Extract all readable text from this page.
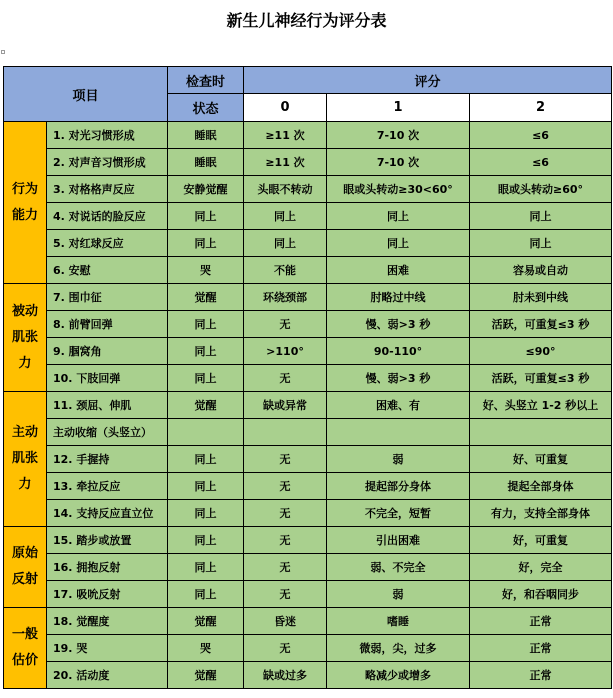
新生儿神经行为评分表
项目		检查时	评分		
		状态	0	1	2
行为能力	1. 对光习惯形成	睡眠	≥11 次	7-10 次	≤6
	2. 对声音习惯形成	睡眠	≥11 次	7-10 次	≤6
	3. 对格格声反应	安静觉醒	头眼不转动	眼或头转动≥30<60°	眼或头转动≥60°
	4. 对说话的脸反应	同上	同上	同上	同上
	5. 对红球反应	同上	同上	同上	同上
	6. 安慰	哭	不能	困难	容易或自动
被动肌张力	7. 围巾征	觉醒	环绕颈部	肘略过中线	肘未到中线
	8. 前臂回弹	同上	无	慢、弱>3 秒	活跃，可重复≤3 秒
	9. 腘窝角	同上	>110°	90-110°	≤90°
	10. 下肢回弹	同上	无	慢、弱>3 秒	活跃，可重复≤3 秒
主动肌张力	11. 颈屈、伸肌	觉醒	缺或异常	困难、有	好、头竖立 1-2 秒以上
	主动收缩（头竖立）				
	12. 手握持	同上	无	弱	好、可重复
	13. 牵拉反应	同上	无	提起部分身体	提起全部身体
	14. 支持反应直立位	同上	无	不完全，短暂	有力，支持全部身体
原始反射	15. 踏步或放置	同上	无	引出困难	好，可重复
	16. 拥抱反射	同上	无	弱、不完全	好，完全
	17. 吸吮反射	同上	无	弱	好，和吞咽同步
一般估价	18. 觉醒度	觉醒	昏迷	嗜睡	正常
	19. 哭	哭	无	微弱，尖，过多	正常
	20. 活动度	觉醒	缺或过多	略减少或增多	正常
